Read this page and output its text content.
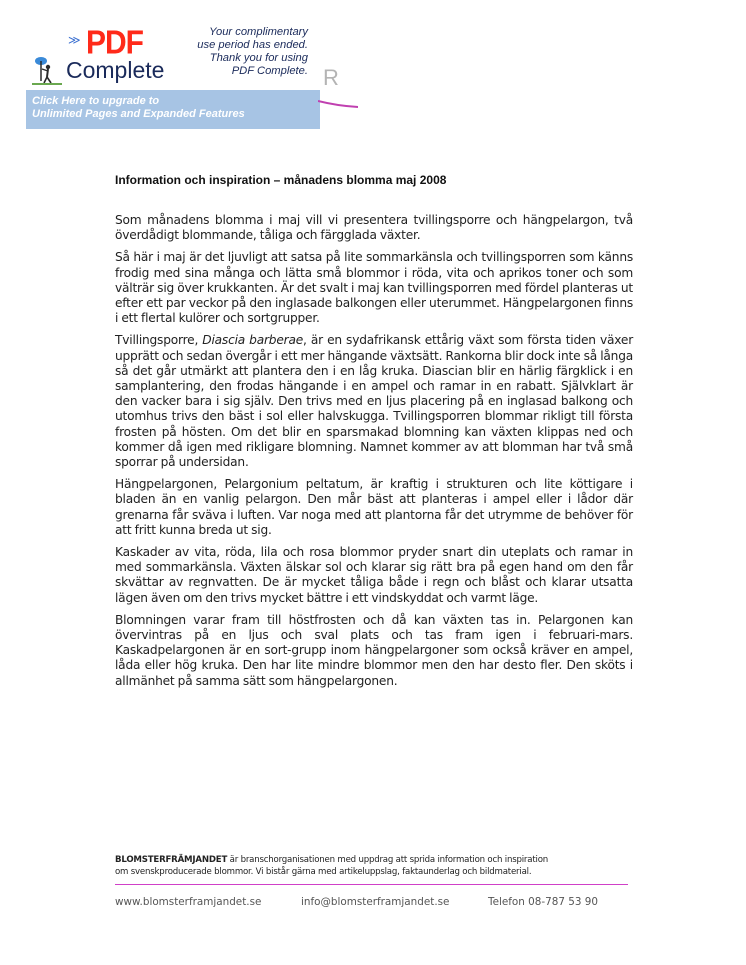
≫ PDF
Complete
Your complimentary
use period has ended.
Thank you for using
PDF Complete.
Click Here to upgrade to
Unlimited Pages and Expanded Features
R
Information och inspiration – månadens blomma maj 2008

Som månadens blomma i maj vill vi presentera tvillingsporre och hängpelargon, två överdådigt blommande, tåliga och färgglada växter.

Så här i maj är det ljuvligt att satsa på lite sommarkänsla och tvillingsporren som känns frodig med sina många och lätta små blommor i röda, vita och aprikos toner och som välträr sig över krukkanten. Är det svalt i maj kan tvillingsporren med fördel planteras ut efter ett par veckor på den inglasade balkongen eller uterummet. Hängpelargonen finns i ett flertal kulörer och sortgrupper.

Tvillingsporre, Diascia barberae, är en sydafrikansk ettårig växt som första tiden växer upprätt och sedan övergår i ett mer hängande växtsätt. Rankorna blir dock inte så långa så det går utmärkt att plantera den i en låg kruka. Diascian blir en härlig färgklick i en samplantering, den frodas hängande i en ampel och ramar in en rabatt. Självklart är den vacker bara i sig själv. Den trivs med en ljus placering på en inglasad balkong och utomhus trivs den bäst i sol eller halvskugga. Tvillingsporren blommar rikligt till första frosten på hösten. Om det blir en sparsmakad blomning kan växten klippas ned och kommer då igen med rikligare blomning. Namnet kommer av att blomman har två små sporrar på undersidan.

Hängpelargonen, Pelargonium peltatum, är kraftig i strukturen och lite köttigare i bladen än en vanlig pelargon. Den mår bäst att planteras i ampel eller i lådor där grenarna får sväva i luften. Var noga med att plantorna får det utrymme de behöver för att fritt kunna breda ut sig.

Kaskader av vita, röda, lila och rosa blommor pryder snart din uteplats och ramar in med sommarkänsla. Växten älskar sol och klarar sig rätt bra på egen hand om den får skvättar av regnvatten. De är mycket tåliga både i regn och blåst och klarar utsatta lägen även om den trivs mycket bättre i ett vindskyddat och varmt läge.

Blomningen varar fram till höstfrosten och då kan växten tas in. Pelargonen kan övervintras på en ljus och sval plats och tas fram igen i februari-mars. Kaskadpelargonen är en sort-grupp inom hängpelargoner som också kräver en ampel, låda eller hög kruka. Den har lite mindre blommor men den har desto fler. Den sköts i allmänhet på samma sätt som hängpelargonen.

BLOMSTERFRÄMJANDET är branschorganisationen med uppdrag att sprida information och inspiration
om svenskproducerade blommor. Vi bistår gärna med artikeluppslag, faktaunderlag och bildmaterial.
www.blomsterframjandet.se	info@blomsterframjandet.se	Telefon 08-787 53 90
